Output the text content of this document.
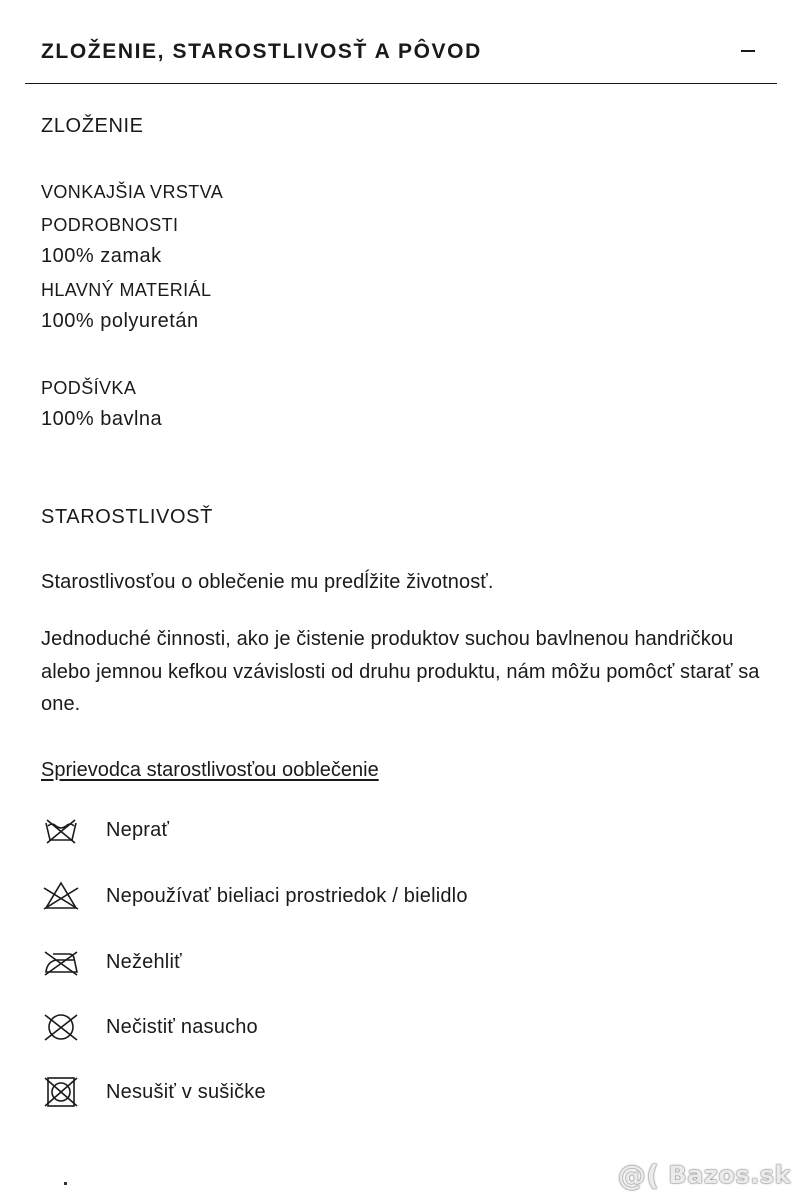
ZLOŽENIE, STAROSTLIVOSŤ A PÔVOD

ZLOŽENIE

VONKAJŠIA VRSTVA

PODROBNOSTI

100% zamak

HLAVNÝ MATERIÁL

100% polyuretán

PODŠÍVKA

100% bavlna

STAROSTLIVOSŤ

Starostlivosťou o oblečenie mu predĺžite životnosť.

Jednoduché činnosti, ako je čistenie produktov suchou bavlnenou handričkou alebo jemnou kefkou vzávislosti od druhu produktu, nám môžu pomôcť starať sa one.

Sprievodca starostlivosťou oobl​ečenie
Nepra​ť
Nepoužívať bieliaci prostriedok / bielidlo
Nežehliť
Nečistiť nasucho
Nesušiť v sušičke
@( Bazos.sk
